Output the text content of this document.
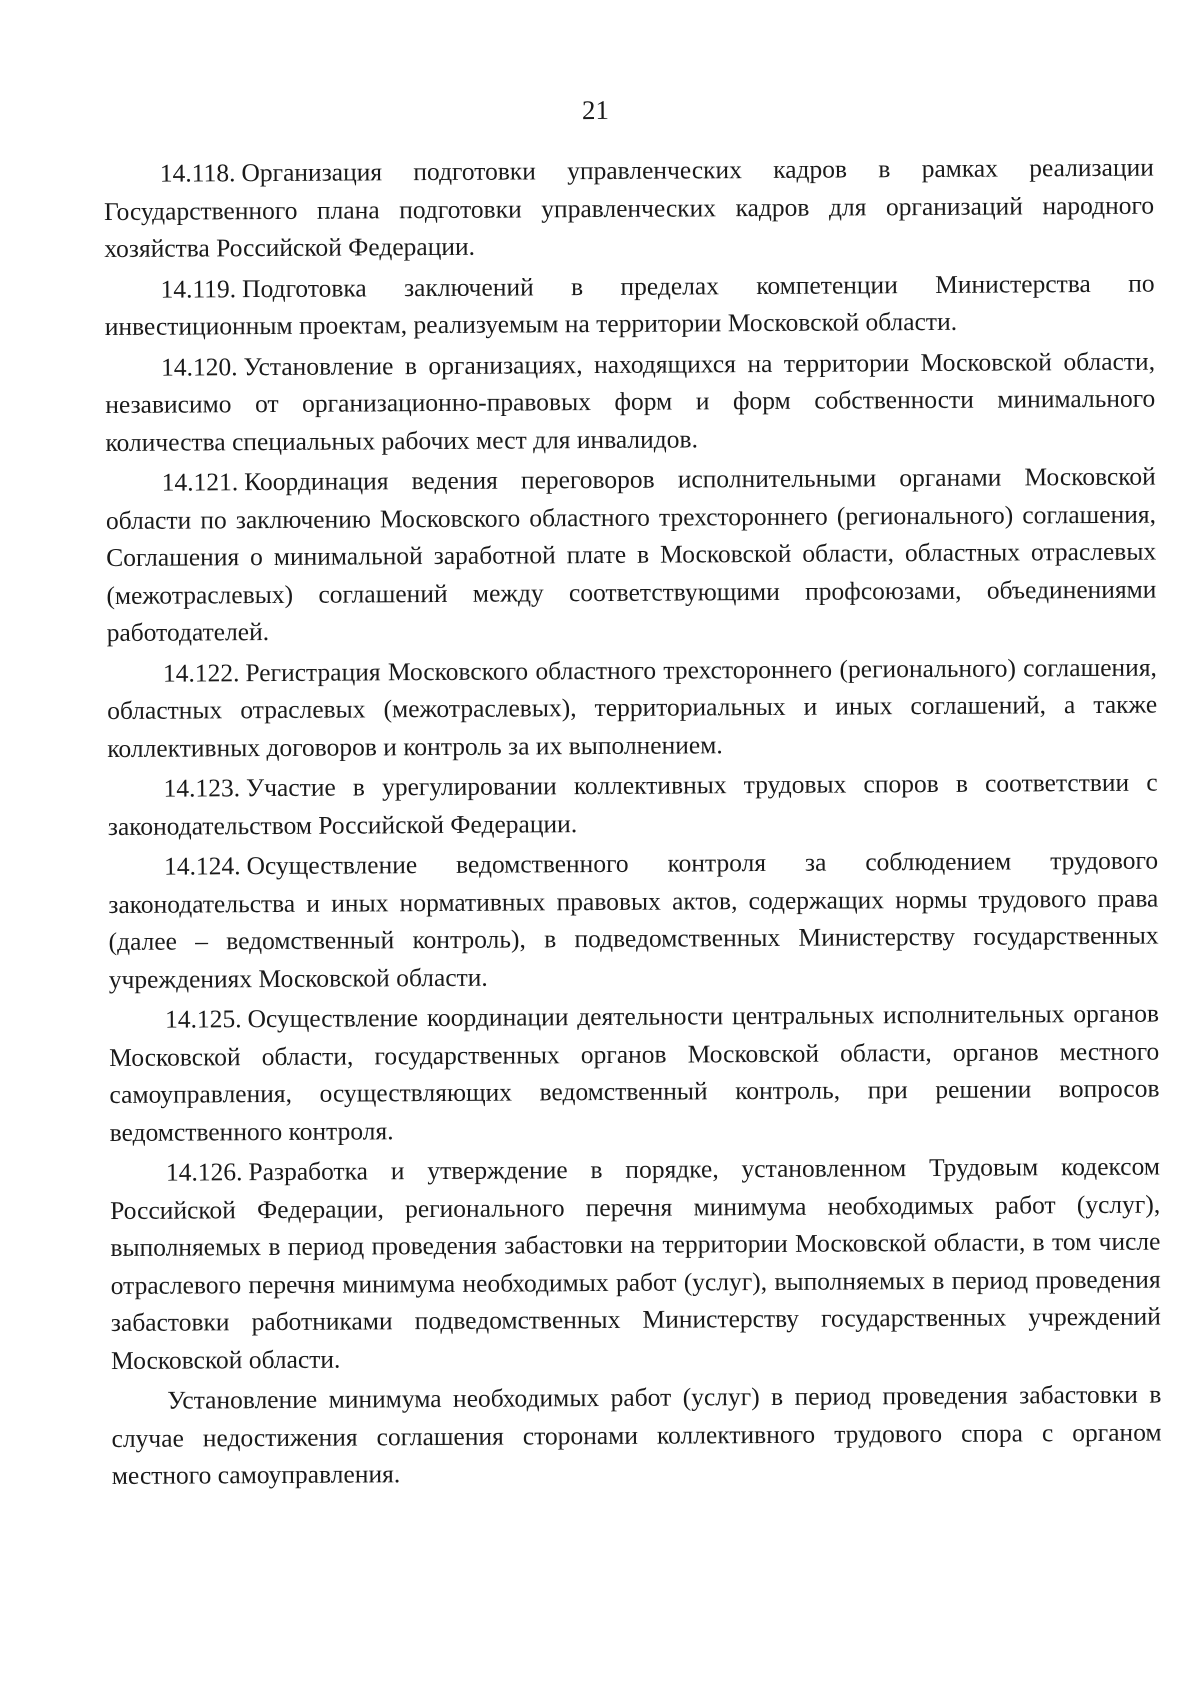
21

14.118. Организация подготовки управленческих кадров в рамках реализации Государственного плана подготовки управленческих кадров для организаций народного хозяйства Российской Федерации.

14.119. Подготовка заключений в пределах компетенции Министерства по инвестиционным проектам, реализуемым на территории Московской области.

14.120. Установление в организациях, находящихся на территории Московской области, независимо от организационно-правовых форм и форм собственности минимального количества специальных рабочих мест для инвалидов.

14.121. Координация ведения переговоров исполнительными органами Московской области по заключению Московского областного трехстороннего (регионального) соглашения, Соглашения о минимальной заработной плате в Московской области, областных отраслевых (межотраслевых) соглашений между соответствующими профсоюзами, объединениями работодателей.

14.122. Регистрация Московского областного трехстороннего (регионального) соглашения, областных отраслевых (межотраслевых), территориальных и иных соглашений, а также коллективных договоров и контроль за их выполнением.

14.123. Участие в урегулировании коллективных трудовых споров в соответствии с законодательством Российской Федерации.

14.124. Осуществление ведомственного контроля за соблюдением трудового законодательства и иных нормативных правовых актов, содержащих нормы трудового права (далее – ведомственный контроль), в подведомственных Министерству государственных учреждениях Московской области.

14.125. Осуществление координации деятельности центральных исполнительных органов Московской области, государственных органов Московской области, органов местного самоуправления, осуществляющих ведомственный контроль, при решении вопросов ведомственного контроля.

14.126. Разработка и утверждение в порядке, установленном Трудовым кодексом Российской Федерации, регионального перечня минимума необходимых работ (услуг), выполняемых в период проведения забастовки на территории Московской области, в том числе отраслевого перечня минимума необходимых работ (услуг), выполняемых в период проведения забастовки работниками подведомственных Министерству государственных учреждений Московской области.

Установление минимума необходимых работ (услуг) в период проведения забастовки в случае недостижения соглашения сторонами коллективного трудового спора с органом местного самоуправления.
